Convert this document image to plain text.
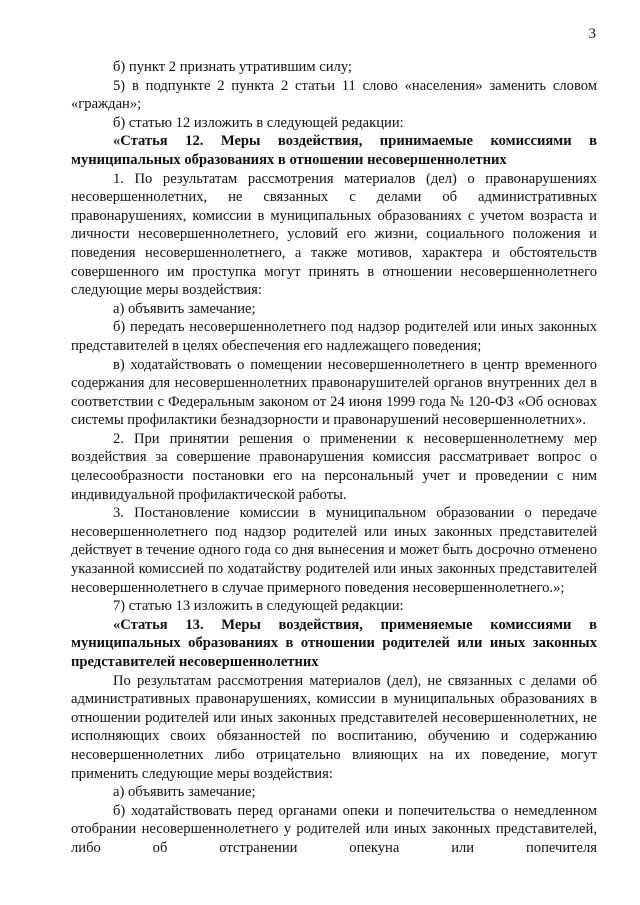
3

б) пункт 2 признать утратившим силу;

5) в подпункте 2 пункта 2 статьи 11 слово «населения» заменить словом «граждан»;

б) статью 12 изложить в следующей редакции:

«Статья 12. Меры воздействия, принимаемые комиссиями в муниципальных образованиях в отношении несовершеннолетних

1. По результатам рассмотрения материалов (дел) о правонарушениях несовершеннолетних, не связанных с делами об административных правонарушениях, комиссии в муниципальных образованиях с учетом возраста и личности несовершеннолетнего, условий его жизни, социального положения и поведения несовершеннолетнего, а также мотивов, характера и обстоятельств совершенного им проступка могут принять в отношении несовершеннолетнего следующие меры воздействия:

а) объявить замечание;

б) передать несовершеннолетнего под надзор родителей или иных законных представителей в целях обеспечения его надлежащего поведения;

в) ходатайствовать о помещении несовершеннолетнего в центр временного содержания для несовершеннолетних правонарушителей органов внутренних дел в соответствии с Федеральным законом от 24 июня 1999 года № 120-ФЗ «Об основах системы профилактики безнадзорности и правонарушений несовершеннолетних».

2. При принятии решения о применении к несовершеннолетнему мер воздействия за совершение правонарушения комиссия рассматривает вопрос о целесообразности постановки его на персональный учет и проведении с ним индивидуальной профилактической работы.

3. Постановление комиссии в муниципальном образовании о передаче несовершеннолетнего под надзор родителей или иных законных представителей действует в течение одного года со дня вынесения и может быть досрочно отменено указанной комиссией по ходатайству родителей или иных законных представителей несовершеннолетнего в случае примерного поведения несовершеннолетнего.»;

7) статью 13 изложить в следующей редакции:

«Статья 13. Меры воздействия, применяемые комиссиями в муниципальных образованиях в отношении родителей или иных законных представителей несовершеннолетних

По результатам рассмотрения материалов (дел), не связанных с делами об административных правонарушениях, комиссии в муниципальных образованиях в отношении родителей или иных законных представителей несовершеннолетних, не исполняющих своих обязанностей по воспитанию, обучению и содержанию несовершеннолетних либо отрицательно влияющих на их поведение, могут применить следующие меры воздействия:

а) объявить замечание;

б) ходатайствовать перед органами опеки и попечительства о немедленном отобрании несовершеннолетнего у родителей или иных законных представителей, либо об отстранении опекуна или попечителя
